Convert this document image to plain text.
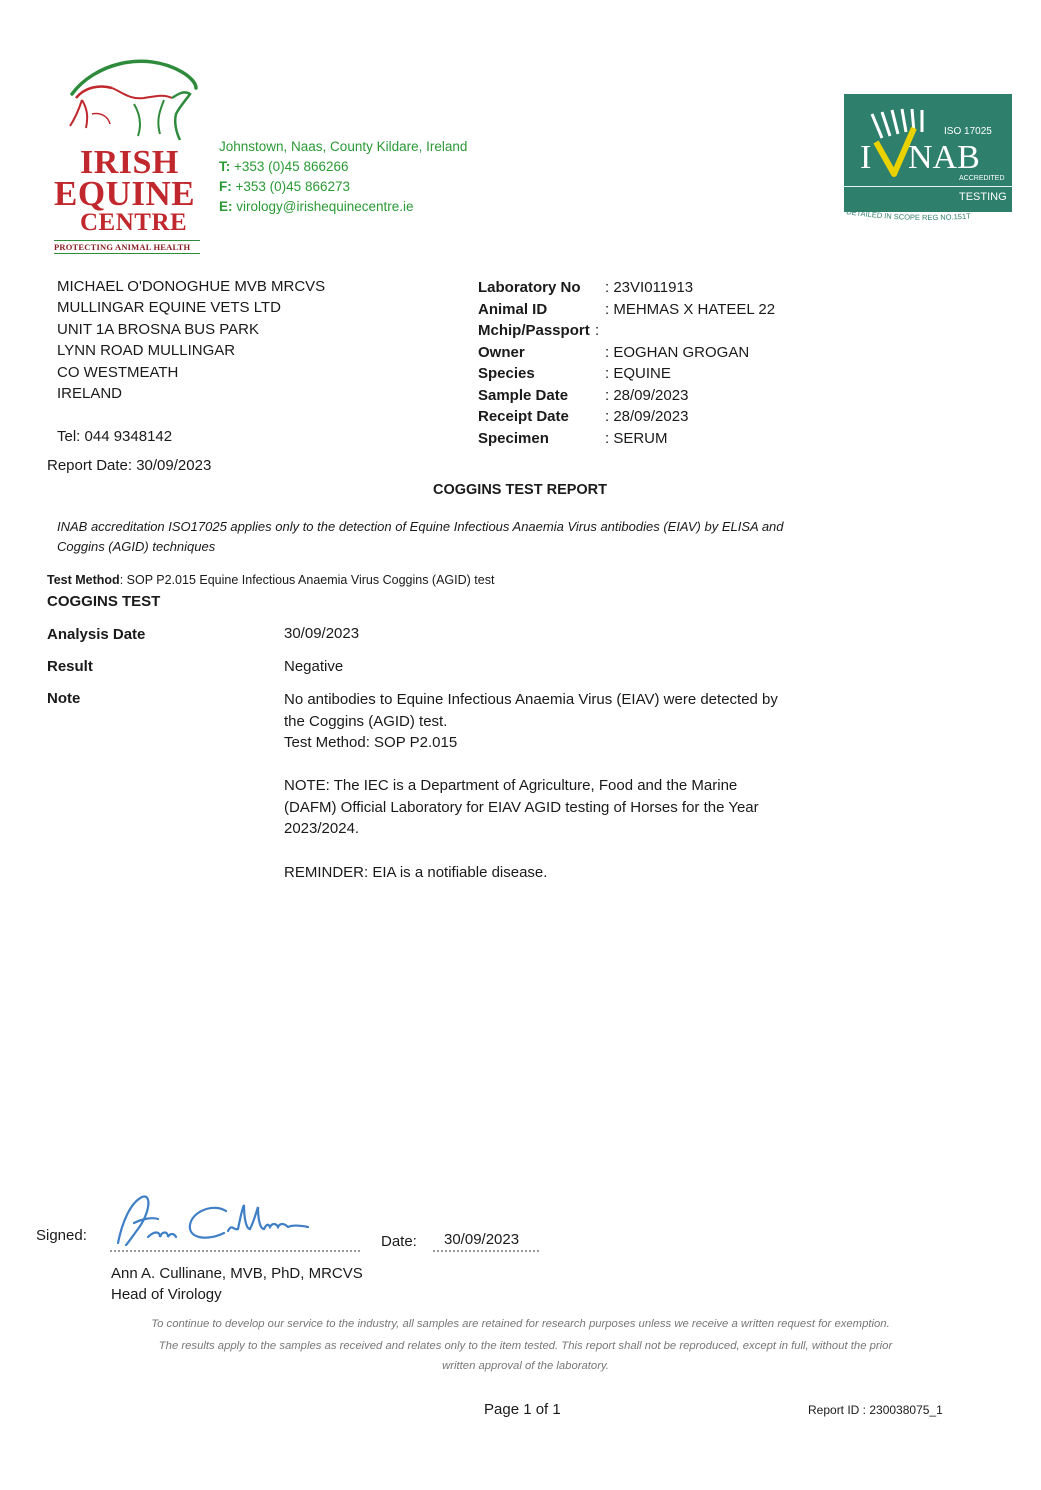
IRISH
EQUINE
CENTRE
PROTECTING ANIMAL HEALTH
Johnstown, Naas, County Kildare, Ireland
T: +353 (0)45 866266
F: +353 (0)45 866273
E: virology@irishequinecentre.ie
I NAB
ISO 17025
ACCREDITED
TESTING
DETAILED IN SCOPE REG NO.151T
MICHAEL O'DONOGHUE MVB MRCVS
MULLINGAR EQUINE VETS LTD
UNIT 1A BROSNA BUS PARK
LYNN ROAD MULLINGAR
CO WESTMEATH
IRELAND
Tel: 044 9348142
Laboratory No : 23VI011913
Animal ID	: MEHMAS X HATEEL 22
Mchip/Passport :
Owner	: EOGHAN GROGAN
Species	: EQUINE
Sample Date : 28/09/2023
Receipt Date : 28/09/2023
Specimen	: SERUM
Report Date: 30/09/2023
COGGINS TEST REPORT
INAB accreditation ISO17025 applies only to the detection of Equine Infectious Anaemia Virus antibodies (EIAV) by ELISA and
Coggins (AGID) techniques
Test Method: SOP P2.015 Equine Infectious Anaemia Virus Coggins (AGID) test
COGGINS TEST
Analysis Date	30/09/2023
Result	Negative
Note	No antibodies to Equine Infectious Anaemia Virus (EIAV) were detected by
the Coggins (AGID) test.
Test Method: SOP P2.015
NOTE: The IEC is a Department of Agriculture, Food and the Marine
(DAFM) Official Laboratory for EIAV AGID testing of Horses for the Year
2023/2024.
REMINDER: EIA is a notifiable disease.
Signed:	Date: 30/09/2023
Ann A. Cullinane, MVB, PhD, MRCVS
Head of Virology
To continue to develop our service to the industry, all samples are retained for research purposes unless we receive a written request for exemption.
The results apply to the samples as received and relates only to the item tested. This report shall not be reproduced, except in full, without the prior
written approval of the laboratory.
Page 1 of 1	Report ID : 230038075_1
